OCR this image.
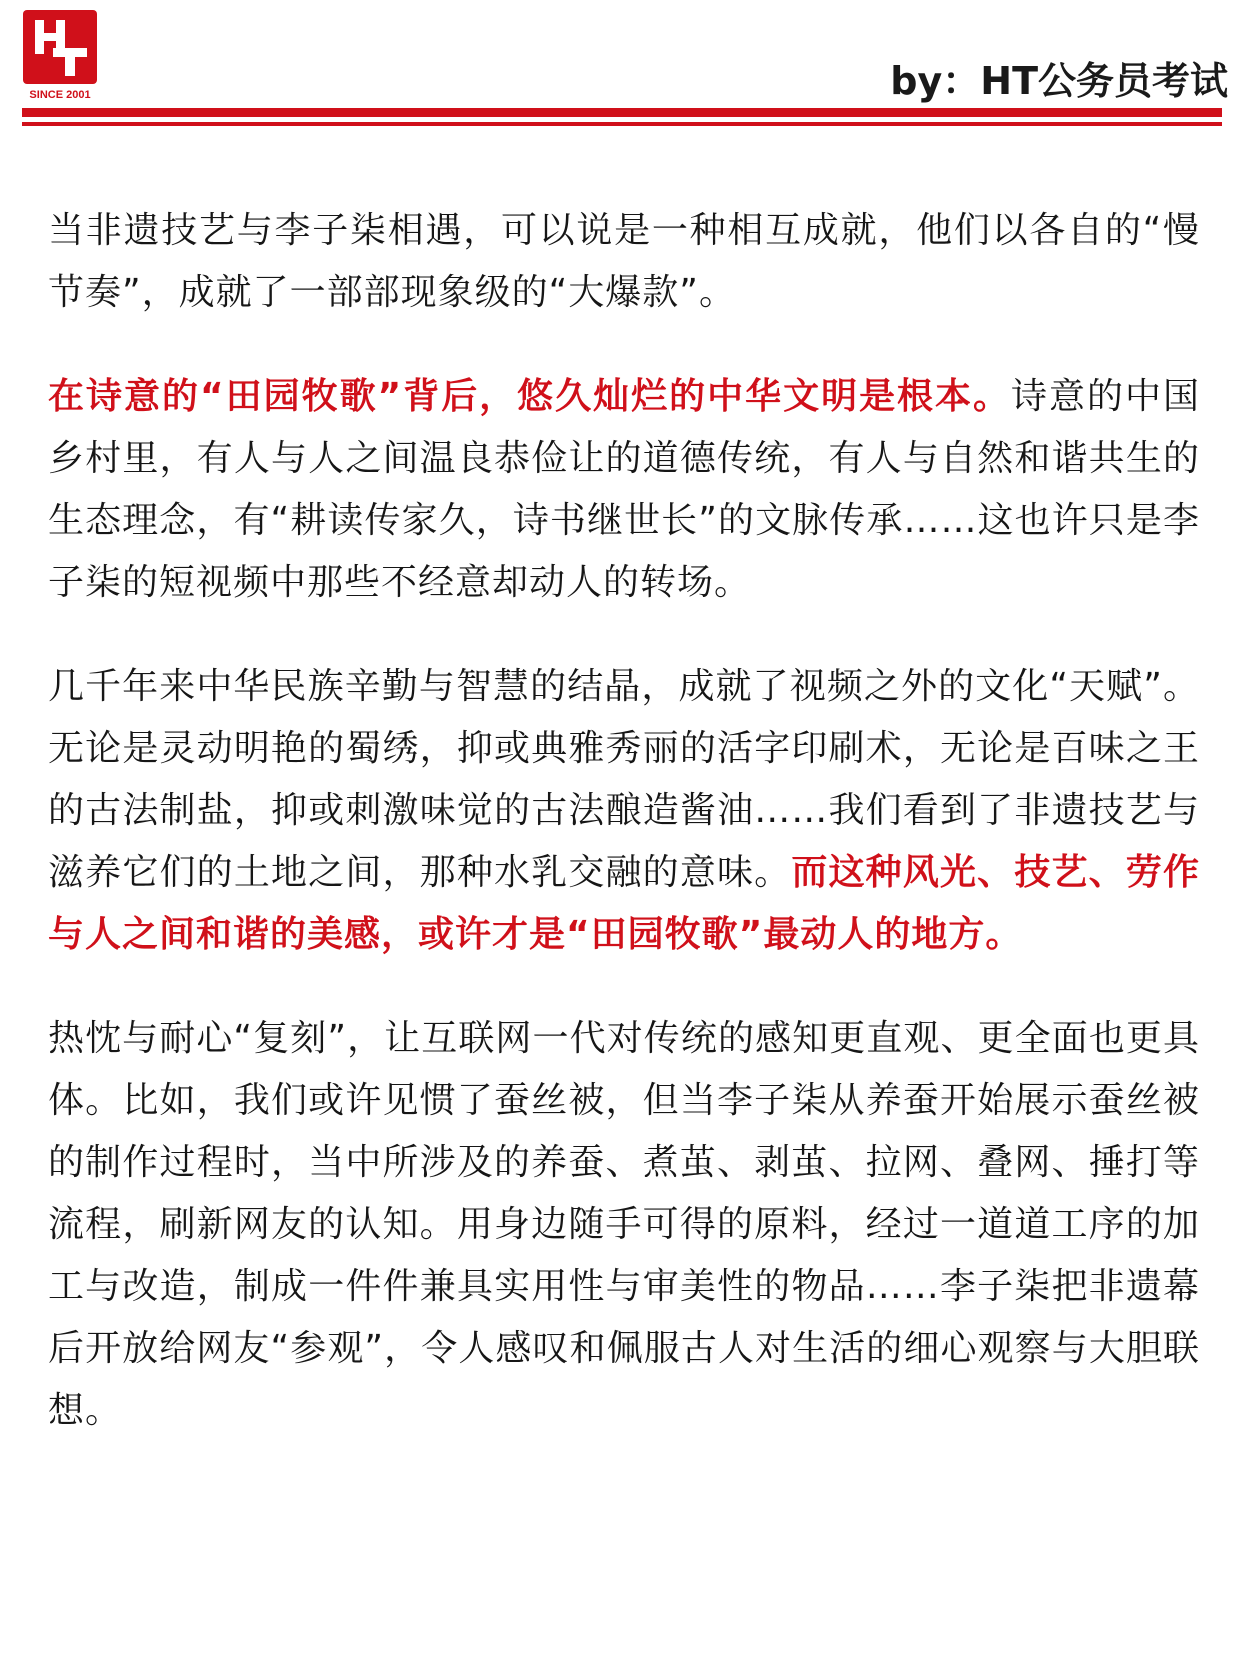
SINCE 2001	by：HT公务员考试

当非遗技艺与李子柒相遇，可以说是一种相互成就，他们以各自的“慢节奏”，成就了一部部现象级的“大爆款”。

在诗意的“田园牧歌”背后，悠久灿烂的中华文明是根本。诗意的中国乡村里，有人与人之间温良恭俭让的道德传统，有人与自然和谐共生的生态理念，有“耕读传家久，诗书继世长”的文脉传承……这也许只是李子柒的短视频中那些不经意却动人的转场。

几千年来中华民族辛勤与智慧的结晶，成就了视频之外的文化“天赋”。无论是灵动明艳的蜀绣，抑或典雅秀丽的活字印刷术，无论是百味之王的古法制盐，抑或刺激味觉的古法酿造酱油……我们看到了非遗技艺与滋养它们的土地之间，那种水乳交融的意味。而这种风光、技艺、劳作与人之间和谐的美感，或许才是“田园牧歌”最动人的地方。

热忱与耐心“复刻”，让互联网一代对传统的感知更直观、更全面也更具体。比如，我们或许见惯了蚕丝被，但当李子柒从养蚕开始展示蚕丝被的制作过程时，当中所涉及的养蚕、煮茧、剥茧、拉网、叠网、捶打等流程，刷新网友的认知。用身边随手可得的原料，经过一道道工序的加工与改造，制成一件件兼具实用性与审美性的物品……李子柒把非遗幕后开放给网友“参观”，令人感叹和佩服古人对生活的细心观察与大胆联想。
